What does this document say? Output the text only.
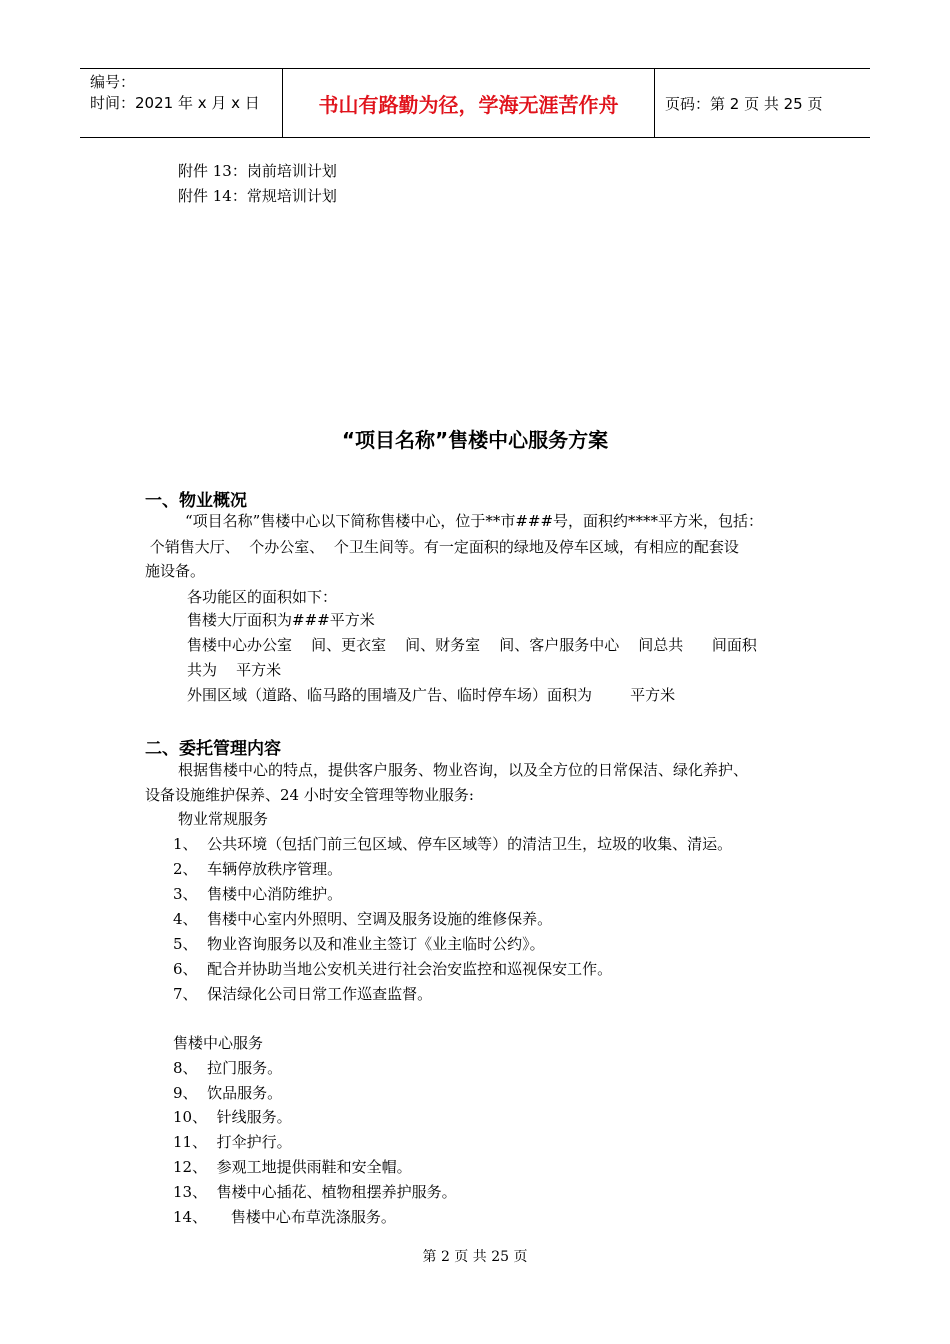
编号：
时间：2021 年 x 月 x 日	书山有路勤为径，学海无涯苦作舟	页码：第 2 页 共 25 页
附件 13：岗前培训计划
附件 14：常规培训计划
“项目名称”售楼中心服务方案
一、物业概况
“项目名称”售楼中心以下简称售楼中心，位于**市###号，面积约****平方米，包括：
个销售大厅、  个办公室、  个卫生间等。有一定面积的绿地及停车区域，有相应的配套设
施设备。
各功能区的面积如下：
售楼大厅面积为###平方米
售楼中心办公室    间、更衣室    间、财务室    间、客户服务中心    间总共      间面积
共为    平方米
外围区域（道路、临马路的围墙及广告、临时停车场）面积为        平方米
二、委托管理内容
根据售楼中心的特点，提供客户服务、物业咨询，以及全方位的日常保洁、绿化养护、
设备设施维护保养、24 小时安全管理等物业服务:
物业常规服务
1、  公共环境（包括门前三包区域、停车区域等）的清洁卫生，垃圾的收集、清运。
2、  车辆停放秩序管理。
3、  售楼中心消防维护。
4、  售楼中心室内外照明、空调及服务设施的维修保养。
5、  物业咨询服务以及和准业主签订《业主临时公约》。
6、  配合并协助当地公安机关进行社会治安监控和巡视保安工作。
7、  保洁绿化公司日常工作巡查监督。
售楼中心服务
8、  拉门服务。
9、  饮品服务。
10、  针线服务。
11、  打伞护行。
12、  参观工地提供雨鞋和安全帽。
13、  售楼中心插花、植物租摆养护服务。
14、     售楼中心布草洗涤服务。
第 2 页 共 25 页
